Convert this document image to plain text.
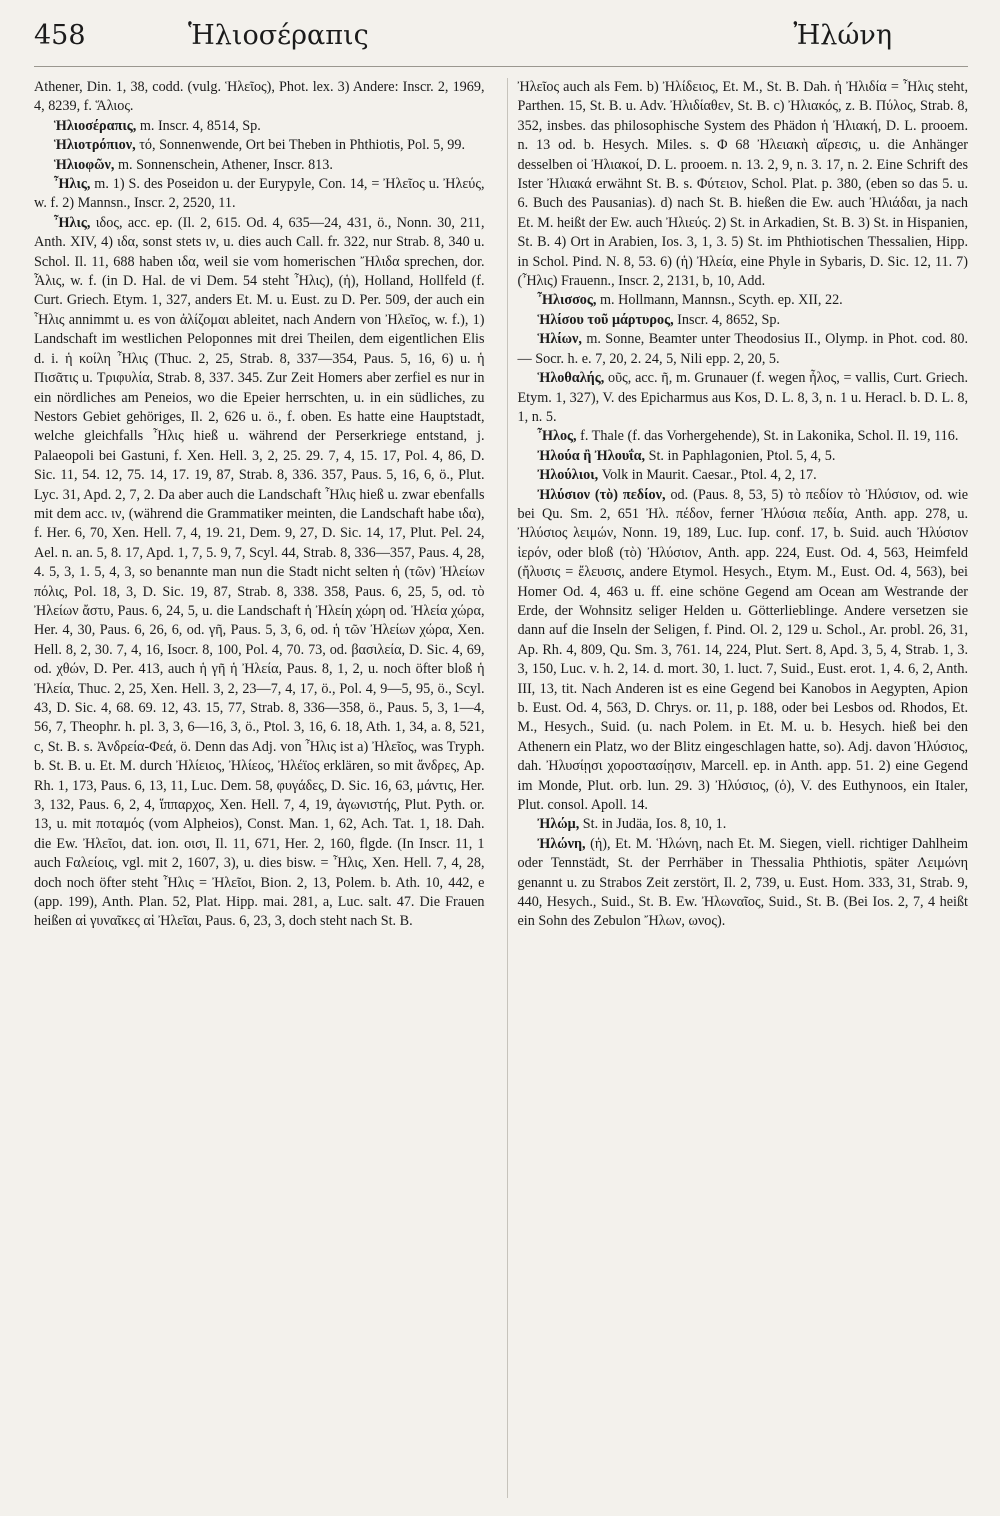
458	Ἡλιοσέραπις	Ἠλώνη

Athener, Din. 1, 38, codd. (vulg. Ἡλεῖος), Phot. lex. 3) Andere: Inscr. 2, 1969, 4, 8239, f. Ἅλιος.

Ἡλιοσέραπις, m. Inscr. 4, 8514, Sp.

Ἡλιοτρόπιον, τό, Sonnenwende, Ort bei Theben in Phthiotis, Pol. 5, 99.

Ἡλιοφῶν, m. Sonnenschein, Athener, Inscr. 813.

Ἦλις, m. 1) S. des Poseidon u. der Eurypyle, Con. 14, = Ἠλεῖος u. Ἠλεύς, w. f. 2) Mannsn., Inscr. 2, 2520, 11.

Ἦλις, ιδος, acc. ep. (Il. 2, 615. Od. 4, 635—24, 431, ö., Nonn. 30, 211, Anth. XIV, 4) ιδα, sonst stets ιν, u. dies auch Call. fr. 322, nur Strab. 8, 340 u. Schol. Il. 11, 688 haben ιδα, weil sie vom homerischen Ἤλιδα sprechen, dor. Ἆλις, w. f. (in D. Hal. de vi Dem. 54 steht Ἦλις), (ἡ), Holland, Hollfeld (f. Curt. Griech. Etym. 1, 327, anders Et. M. u. Eust. zu D. Per. 509, der auch ein Ἧλις annimmt u. es von ἀλίζομαι ableitet, nach Andern von Ἠλεῖος, w. f.), 1) Landschaft im westlichen Peloponnes mit drei Theilen, dem eigentlichen Elis d. i. ἡ κοίλη Ἦλις (Thuc. 2, 25, Strab. 8, 337—354, Paus. 5, 16, 6) u. ἡ Πισᾶτις u. Τριφυλία, Strab. 8, 337. 345. Zur Zeit Homers aber zerfiel es nur in ein nördliches am Peneios, wo die Epeier herrschten, u. in ein südliches, zu Nestors Gebiet gehöriges, Il. 2, 626 u. ö., f. oben. Es hatte eine Hauptstadt, welche gleichfalls Ἦλις hieß u. während der Perserkriege entstand, j. Palaeopoli bei Gastuni, f. Xen. Hell. 3, 2, 25. 29. 7, 4, 15. 17, Pol. 4, 86, D. Sic. 11, 54. 12, 75. 14, 17. 19, 87, Strab. 8, 336. 357, Paus. 5, 16, 6, ö., Plut. Lyc. 31, Apd. 2, 7, 2. Da aber auch die Landschaft Ἦλις hieß u. zwar ebenfalls mit dem acc. ιν, (während die Grammatiker meinten, die Landschaft habe ιδα), f. Her. 6, 70, Xen. Hell. 7, 4, 19. 21, Dem. 9, 27, D. Sic. 14, 17, Plut. Pel. 24, Ael. n. an. 5, 8. 17, Apd. 1, 7, 5. 9, 7, Scyl. 44, Strab. 8, 336—357, Paus. 4, 28, 4. 5, 3, 1. 5, 4, 3, so benannte man nun die Stadt nicht selten ἡ (τῶν) Ἠλείων πόλις, Pol. 18, 3, D. Sic. 19, 87, Strab. 8, 338. 358, Paus. 6, 25, 5, od. τὸ Ἠλείων ἄστυ, Paus. 6, 24, 5, u. die Landschaft ἡ Ἠλείη χώρη od. Ἠλεία χώρα, Her. 4, 30, Paus. 6, 26, 6, od. γῆ, Paus. 5, 3, 6, od. ἡ τῶν Ἠλείων χώρα, Xen. Hell. 8, 2, 30. 7, 4, 16, Isocr. 8, 100, Pol. 4, 70. 73, od. βασιλεία, D. Sic. 4, 69, od. χθών, D. Per. 413, auch ἡ γῆ ἡ Ἠλεία, Paus. 8, 1, 2, u. noch öfter bloß ἡ Ἠλεία, Thuc. 2, 25, Xen. Hell. 3, 2, 23—7, 4, 17, ö., Pol. 4, 9—5, 95, ö., Scyl. 43, D. Sic. 4, 68. 69. 12, 43. 15, 77, Strab. 8, 336—358, ö., Paus. 5, 3, 1—4, 56, 7, Theophr. h. pl. 3, 3, 6—16, 3, ö., Ptol. 3, 16, 6. 18, Ath. 1, 34, a. 8, 521, c, St. B. s. Ἀνδρεία-Φεά, ö. Denn das Adj. von Ἦλις ist a) Ἠλεῖος, was Tryph. b. St. B. u. Et. M. durch Ἠλίειος, Ἠλίεος, Ἠλέϊος erklären, so mit ἄνδρες, Ap. Rh. 1, 173, Paus. 6, 13, 11, Luc. Dem. 58, φυγάδες, D. Sic. 16, 63, μάντις, Her. 3, 132, Paus. 6, 2, 4, ἵππαρχος, Xen. Hell. 7, 4, 19, ἀγωνιστής, Plut. Pyth. or. 13, u. mit ποταμός (vom Alpheios), Const. Man. 1, 62, Ach. Tat. 1, 18. Dah. die Ew. Ἠλεῖοι, dat. ion. οισι, Il. 11, 671, Her. 2, 160, flgde. (In Inscr. 11, 1 auch Ϝαλείοις, vgl. mit 2, 1607, 3), u. dies bisw. = Ἦλις, Xen. Hell. 7, 4, 28, doch noch öfter steht Ἦλις = Ἠλεῖοι, Bion. 2, 13, Polem. b. Ath. 10, 442, e (app. 199), Anth. Plan. 52, Plat. Hipp. mai. 281, a, Luc. salt. 47. Die Frauen heißen αἱ γυναῖκες αἱ Ἠλεῖαι, Paus. 6, 23, 3, doch steht nach St. B.

Ἠλεῖος auch als Fem. b) Ἠλίδειος, Et. M., St. B. Dah. ἡ Ἠλιδία = Ἦλις steht, Parthen. 15, St. B. u. Adv. Ἠλιδίαθεν, St. B. c) Ἠλιακός, z. B. Πύλος, Strab. 8, 352, insbes. das philosophische System des Phädon ἡ Ἠλιακή, D. L. prooem. n. 13 od. b. Hesych. Miles. s. Φ 68 Ἠλειακὴ αἵρεσις, u. die Anhänger desselben οἱ Ἠλιακοί, D. L. prooem. n. 13. 2, 9, n. 3. 17, n. 2. Eine Schrift des Ister Ἠλιακά erwähnt St. B. s. Φύτειον, Schol. Plat. p. 380, (eben so das 5. u. 6. Buch des Pausanias). d) nach St. B. hießen die Ew. auch Ἠλιάδαι, ja nach Et. M. heißt der Ew. auch Ἠλιεύς. 2) St. in Arkadien, St. B. 3) St. in Hispanien, St. B. 4) Ort in Arabien, Ios. 3, 1, 3. 5) St. im Phthiotischen Thessalien, Hipp. in Schol. Pind. N. 8, 53. 6) (ἡ) Ἠλεία, eine Phyle in Sybaris, D. Sic. 12, 11. 7) (Ἦλις) Frauenn., Inscr. 2, 2131, b, 10, Add.

Ἦλισσος, m. Hollmann, Mannsn., Scyth. ep. XII, 22.

Ἡλίσου τοῦ μάρτυρος, Inscr. 4, 8652, Sp.

Ἡλίων, m. Sonne, Beamter unter Theodosius II., Olymp. in Phot. cod. 80. — Socr. h. e. 7, 20, 2. 24, 5, Nili epp. 2, 20, 5.

Ἡλοθαλής, οῦς, acc. ῆ, m. Grunauer (f. wegen ἦλος, = vallis, Curt. Griech. Etym. 1, 327), V. des Epicharmus aus Kos, D. L. 8, 3, n. 1 u. Heracl. b. D. L. 8, 1, n. 5.

Ἦλος, f. Thale (f. das Vorhergehende), St. in Lakonika, Schol. Il. 19, 116.

Ἠλούα ἢ Ἠλουΐα, St. in Paphlagonien, Ptol. 5, 4, 5.

Ἠλούλιοι, Volk in Maurit. Caesar., Ptol. 4, 2, 17.

Ἠλύσιον (τὸ) πεδίον, od. (Paus. 8, 53, 5) τὸ πεδίον τὸ Ἠλύσιον, od. wie bei Qu. Sm. 2, 651 Ἠλ. πέδον, ferner Ἠλύσια πεδία, Anth. app. 278, u. Ἠλύσιος λειμών, Nonn. 19, 189, Luc. Iup. conf. 17, b. Suid. auch Ἠλύσιον ἱερόν, oder bloß (τὸ) Ἠλύσιον, Anth. app. 224, Eust. Od. 4, 563, Heimfeld (ἤλυσις = ἔλευσις, andere Etymol. Hesych., Etym. M., Eust. Od. 4, 563), bei Homer Od. 4, 463 u. ff. eine schöne Gegend am Ocean am Westrande der Erde, der Wohnsitz seliger Helden u. Götterlieblinge. Andere versetzen sie dann auf die Inseln der Seligen, f. Pind. Ol. 2, 129 u. Schol., Ar. probl. 26, 31, Ap. Rh. 4, 809, Qu. Sm. 3, 761. 14, 224, Plut. Sert. 8, Apd. 3, 5, 4, Strab. 1, 3. 3, 150, Luc. v. h. 2, 14. d. mort. 30, 1. luct. 7, Suid., Eust. erot. 1, 4. 6, 2, Anth. III, 13, tit. Nach Anderen ist es eine Gegend bei Kanobos in Aegypten, Apion b. Eust. Od. 4, 563, D. Chrys. or. 11, p. 188, oder bei Lesbos od. Rhodos, Et. M., Hesych., Suid. (u. nach Polem. in Et. M. u. b. Hesych. hieß bei den Athenern ein Platz, wo der Blitz eingeschlagen hatte, so). Adj. davon Ἠλύσιος, dah. Ἠλυσίῃσι χοροστασίῃσιν, Marcell. ep. in Anth. app. 51. 2) eine Gegend im Monde, Plut. orb. lun. 29. 3) Ἠλύσιος, (ὁ), V. des Euthynoos, ein Italer, Plut. consol. Apoll. 14.

Ἠλώμ, St. in Judäa, Ios. 8, 10, 1.

Ἠλώνη, (ἡ), Et. M. Ἡλώνη, nach Et. M. Siegen, viell. richtiger Dahlheim oder Tennstädt, St. der Perrhäber in Thessalia Phthiotis, später Λειμώνη genannt u. zu Strabos Zeit zerstört, Il. 2, 739, u. Eust. Hom. 333, 31, Strab. 9, 440, Hesych., Suid., St. B. Ew. Ἠλωναῖος, Suid., St. B. (Bei Ios. 2, 7, 4 heißt ein Sohn des Zebulon Ἤλων, ωνος).
